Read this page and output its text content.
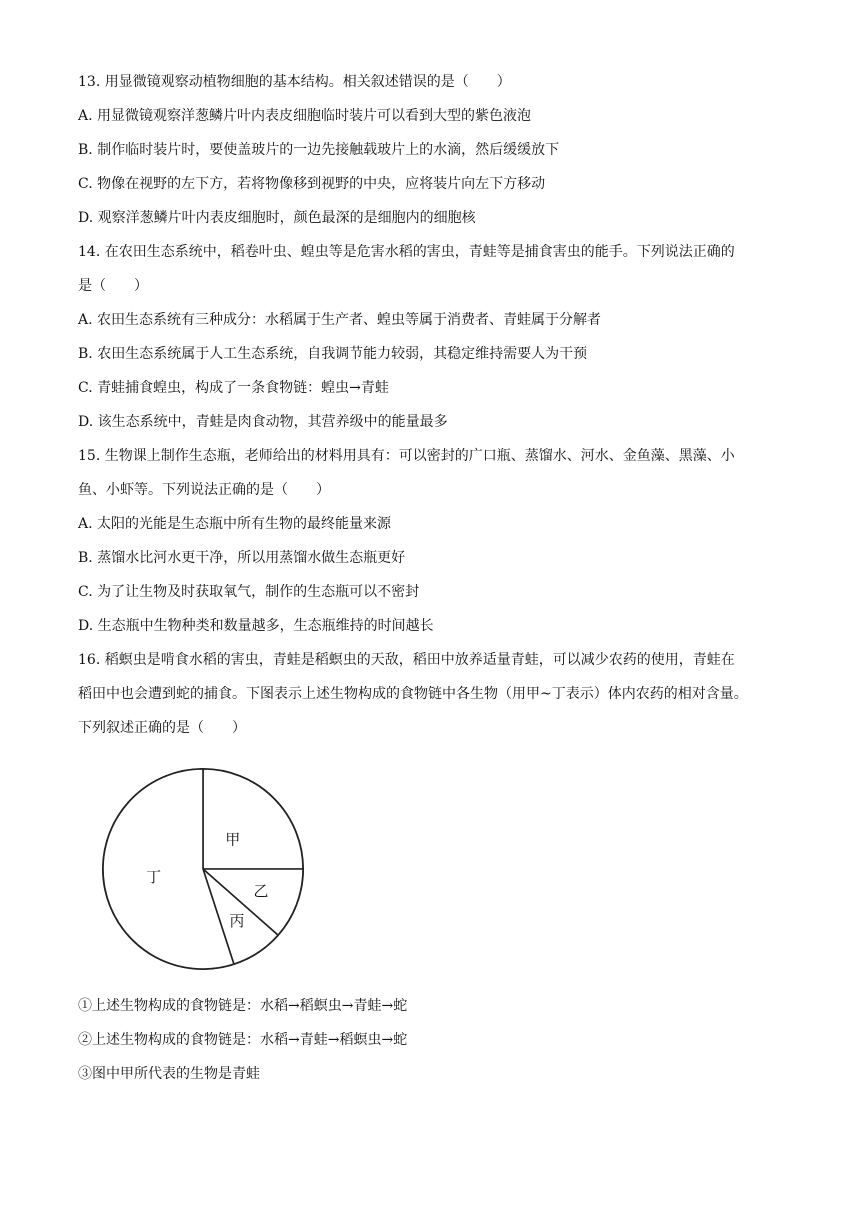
13. 用显微镜观察动植物细胞的基本结构。相关叙述错误的是（　　）
A. 用显微镜观察洋葱鳞片叶内表皮细胞临时装片可以看到大型的紫色液泡
B. 制作临时装片时，要使盖玻片的一边先接触载玻片上的水滴，然后缓缓放下
C. 物像在视野的左下方，若将物像移到视野的中央，应将装片向左下方移动
D. 观察洋葱鳞片叶内表皮细胞时，颜色最深的是细胞内的细胞核
14. 在农田生态系统中，稻卷叶虫、蝗虫等是危害水稻的害虫，青蛙等是捕食害虫的能手。下列说法正确的
是（　　）
A. 农田生态系统有三种成分：水稻属于生产者、蝗虫等属于消费者、青蛙属于分解者
B. 农田生态系统属于人工生态系统，自我调节能力较弱，其稳定维持需要人为干预
C. 青蛙捕食蝗虫，构成了一条食物链：蝗虫→青蛙
D. 该生态系统中，青蛙是肉食动物，其营养级中的能量最多
15. 生物课上制作生态瓶，老师给出的材料用具有：可以密封的广口瓶、蒸馏水、河水、金鱼藻、黑藻、小
鱼、小虾等。下列说法正确的是（　　）
A. 太阳的光能是生态瓶中所有生物的最终能量来源
B. 蒸馏水比河水更干净，所以用蒸馏水做生态瓶更好
C. 为了让生物及时获取氧气，制作的生态瓶可以不密封
D. 生态瓶中生物种类和数量越多，生态瓶维持的时间越长
16. 稻螟虫是啃食水稻的害虫，青蛙是稻螟虫的天敌，稻田中放养适量青蛙，可以减少农药的使用，青蛙在
稻田中也会遭到蛇的捕食。下图表示上述生物构成的食物链中各生物（用甲~丁表示）体内农药的相对含量。
下列叙述正确的是（　　）
甲
乙
丙
丁
①上述生物构成的食物链是：水稻→稻螟虫→青蛙→蛇
②上述生物构成的食物链是：水稻→青蛙→稻螟虫→蛇
③图中甲所代表的生物是青蛙
